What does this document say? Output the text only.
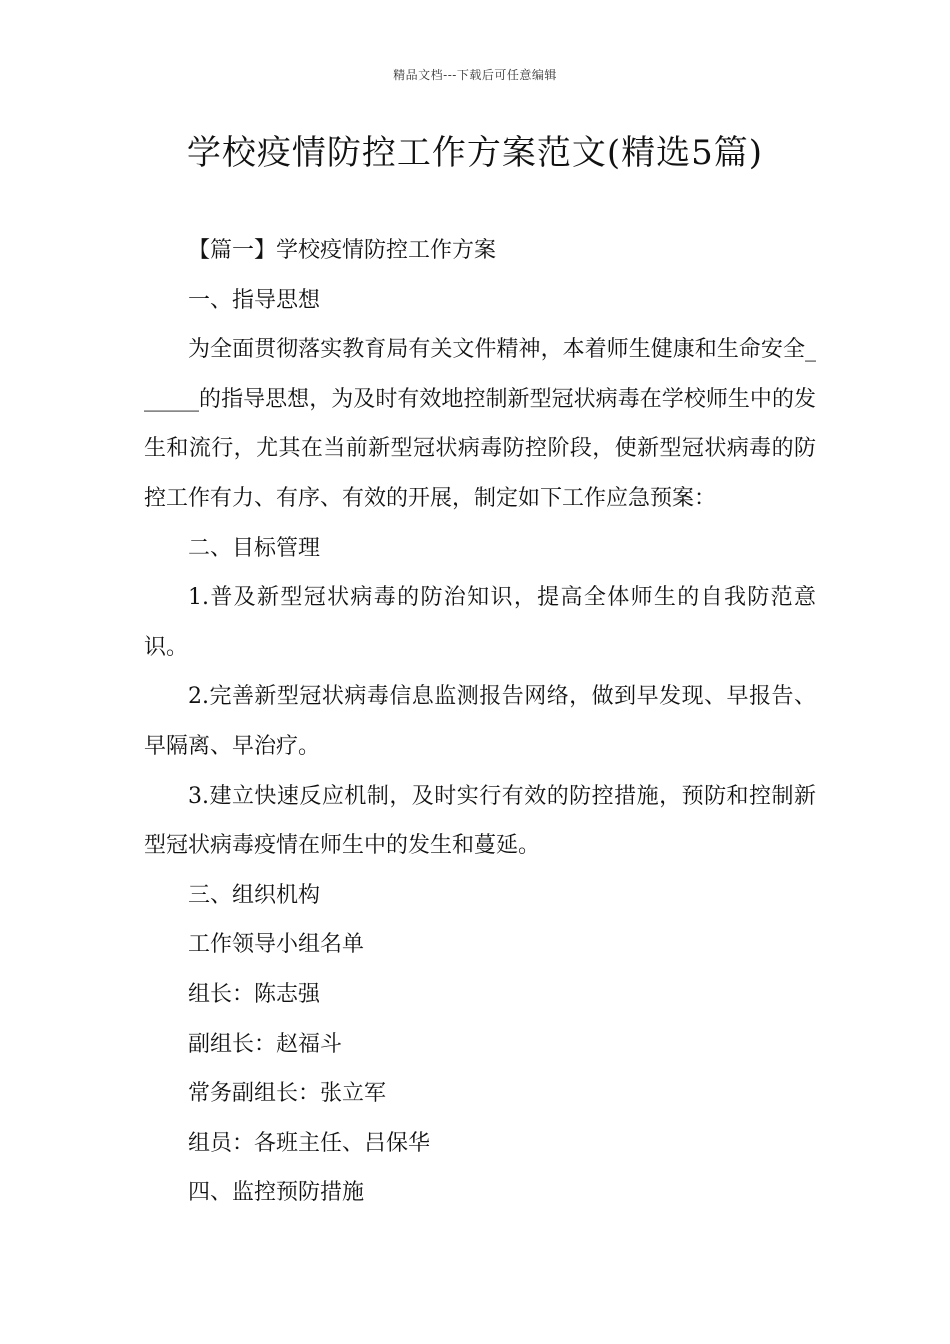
精品文档---下载后可任意编辑
学校疫情防控工作方案范文(精选5篇)

【篇一】学校疫情防控工作方案

一、指导思想

为全面贯彻落实教育局有关文件精神，本着师生健康和生命安全______的指导思想，为及时有效地控制新型冠状病毒在学校师生中的发生和流行，尤其在当前新型冠状病毒防控阶段，使新型冠状病毒的防控工作有力、有序、有效的开展，制定如下工作应急预案：

二、目标管理

1.普及新型冠状病毒的防治知识，提高全体师生的自我防范意识。

2.完善新型冠状病毒信息监测报告网络，做到早发现、早报告、早隔离、早治疗。

3.建立快速反应机制，及时实行有效的防控措施，预防和控制新型冠状病毒疫情在师生中的发生和蔓延。

三、组织机构

工作领导小组名单

组长：陈志强

副组长：赵福斗

常务副组长：张立军

组员：各班主任、吕保华

四、监控预防措施
